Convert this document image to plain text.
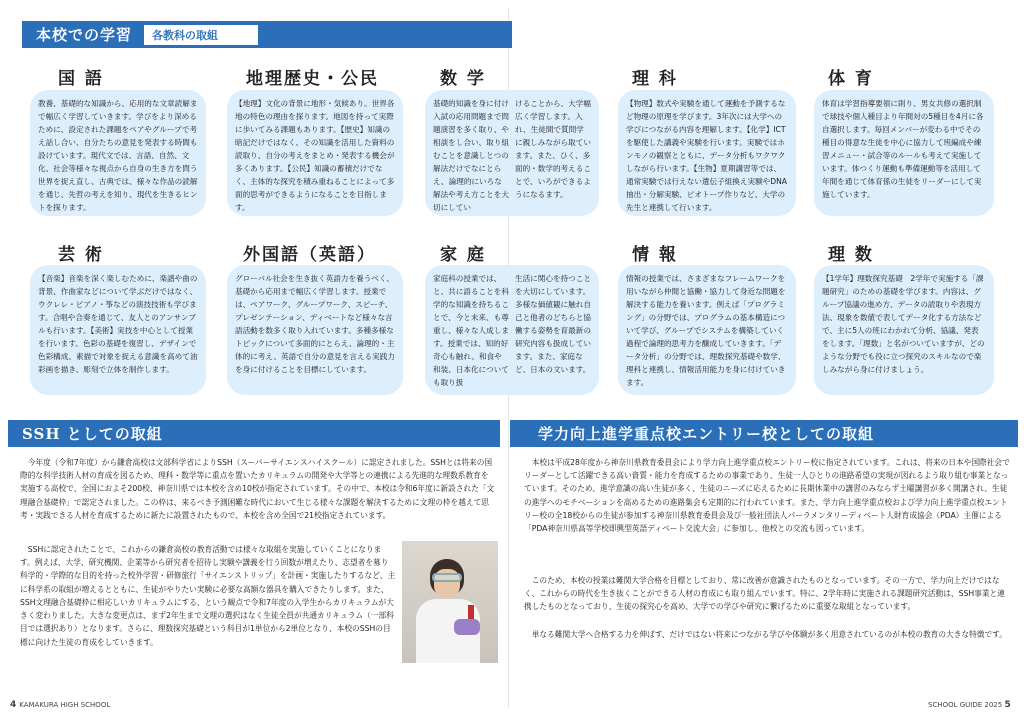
本校での学習	各教科の取組
国 語
教養、基礎的な知識から、応用的な文章読解まで幅広く学習していきます。学びをより深めるために、設定された課題をペアやグループで考え話し合い、自分たちの意見を発表する時間も設けています。現代文では、言語、自然、文化、社会等様々な視点から自身の生き方を問う世界を捉え直し、古典では、様々な作品の読解を通じ、先哲の考えを知り、現代を生きるヒントを探ります。
地理歴史・公民
【地理】文化の背景に地形・気候あり。世界各地の特色の理由を探ります。地図を持って実際に歩いてみる課題もあります。【歴史】知識の暗記だけではなく、その知識を活用した資料の読取り、自分の考えをまとめ・発表する機会が多くあります。【公民】知識の蓄積だけでなく、主体的な探究を積み重ねることによって多面的思考ができるようになることを目指します。
数 学
基礎的知識を身に付け入試の応用問題まで問題演習を多く取り、や相談をし合い、取り組むことを意識しとつの解法だけでなにとらえ、論理的にいろな解法や考え方ことを大切にしてい
けることから、大学幅広く学習します。入れ、生徒間で質問学に親しみながら取ています。また、ひく、多面的・数学的考えることで、いろができるようになるます。
理 科
【物理】数式や実験を通して運動を予測するなど物理の原理を学びます。3年次には大学への学びにつながる内容を理解します。【化学】ICTを駆使した講義や実験を行います。実験ではホンモノの観察とともに、データ分析もワクワクしながら行います。【生物】夏期講習等では、通常実験では行えない遺伝子組換え実験やDNA抽出・分解実験、ビオトープ作りなど、大学の先生と連携して行います。
体 育
体育は学習指導要領に則り、男女共修の選択制で球技や個人種目より年間対の5種目を4月に各自選択します。毎回メンバーが変わる中でその種目の得意な生徒を中心に協力して班編成や練習メニュー・試合等のルールも考えて実施しています。体つくり運動も準備運動等を活用して年間を通じて体育係の生徒をリーダーにして実施しています。
芸 術
【音楽】音楽を深く楽しむために、楽譜や曲の背景、作曲家などについて学ぶだけではなく、ウクレレ・ピアノ・筝などの演技技術も学びます。合唱や合奏を通じて、友人とのアンサンブルも行います。【美術】実技を中心として授業を行います。色彩の基礎を復習し、デザインで色彩構成、素描で対象を捉える意識を高めて油彩画を描き、彫刻で立体を制作します。
外国語（英語）
グローバル社会を生き抜く英語力を養うべく、基礎から応用まで幅広く学習します。授業では、ペアワーク、グループワーク、スピーチ、プレゼンテーション、ディベートなど様々な言語活動を数多く取り入れています。多種多様なトピックについて多面的にとらえ、論理的・主体的に考え、英語で自分の意見を言える実践力を身に付けることを目標にしています。
家 庭
家庭科の授業では、と、共に語ることを科学的な知識を持ちることで、今と未来、も尊重し、様々な人成します。授業では、知的好奇心も触れ、和食や和装、日本化についても取り扱
生活に関心を持つことを大切にしています。多様な価値観に触れ自己と他者のどちらと協働する姿勢を育最新の研究内容も扱成しています。また、家庭など、日本の文います。
情 報
情報の授業では、さまざまなフレームワークを用いながら仲間と協働・協力して身近な問題を解決する能力を養います。例えば「プログラミング」の分野では、プログラムの基本構造について学び、グループでシステムを構築していく過程で論理的思考力を醸成していきます。「データ分析」の分野では、理数探究基礎や数学、理科と連携し、情報活用能力を身に付けていきます。
理 数
【1学年】理数探究基礎　2学年で実施する「課題研究」のための基礎を学びます。内容は、グループ協議の進め方、データの読取りや表現方法、現象を数値で表してデータ化する方法などで、主に5人の班にわかれて分析、協議、発表をします。「理数」と名がついていますが、どのような分野でも役に立つ探究のスキルなので楽しみながら身に付けましょう。
SSH としての取組

今年度（令和7年度）から鎌倉高校は文部科学省によりSSH（スーパーサイエンスハイスクール）に認定されました。SSHとは将来の国際的な科学技術人材の育成を図るため、理科・数学等に重点を置いたカリキュラムの開発や大学等との連携による先進的な理数系教育を実施する高校で、全国におよそ200校、神奈川県では本校を含め10校が指定されています。その中で、本校は令和6年度に新設された「文理融合基礎枠」で認定されました。この枠は、来るべき予測困難な時代において生じる様々な課題を解決するために文理の枠を越えて思考・実践できる人材を育成するために新たに設置されたもので、本校を含め全国で21校指定されています。

SSHに認定されたことで、これからの鎌倉高校の教育活動では様々な取組を実施していくことになります。例えば、大学、研究機関、企業等から研究者を招待し実験や講義を行う回数が増えたり、志望者を募り科学的・学際的な目的を持った校外学習・研修旅行「サイエンストリップ」を計画・実施したりするなど、主に科学系の取組が増えるとともに、生徒がやりたい実験に必要な高額な器具を購入できたりします。また、SSH文理融合基礎枠に相応しいカリキュラムにする、という観点で令和7年度の入学生からカリキュラムが大きく変わりました。大きな変更点は、まず2年生まで文理の選択はなく生徒全員が共通カリキュラム（一部科目では選択あり）となります。さらに、理数探究基礎という科目が1単位から2単位となり、本校のSSHの目標に向けた生徒の育成をしていきます。

学力向上進学重点校エントリー校としての取組

本校は平成28年度から神奈川県教育委員会により学力向上進学重点校エントリー校に指定されています。これは、将来の日本や国際社会でリーダーとして活躍できる高い資質・能力を育成するための事業であり、生徒一人ひとりの進路希望の実現が図れるよう取り組む事業となっています。そのため、進学意識の高い生徒が多く、生徒のニーズに応えるために長期休業中の講習のみならず土曜講習が多く開講され、生徒の進学へのモチベーションを高めるための進路集会も定期的に行われています。また、学力向上進学重点校および学力向上進学重点校エントリー校の全18校からの生徒が参加する神奈川県教育委員会及び一般社団法人パーラメンタリーディベート人財育成協会（PDA）主催による「PDA神奈川県高等学校即興型英語ディベート交流大会」に参加し、他校との交流も図っています。

このため、本校の授業は難関大学合格を目標としており、常に改善が意識されたものとなっています。その一方で、学力向上だけではなく、これからの時代を生き抜くことができる人材の育成にも取り組んでいます。特に、2学年時に実施される課題研究活動は、SSH事業と連携したものとなっており、生徒の探究心を高め、大学での学びや研究に繋げるために重要な取組となっています。

単なる難関大学へ合格する力を伸ばす、だけではない将来につながる学びや体験が多く用意されているのが本校の教育の大きな特徴です。

4 KAMAKURA HIGH SCHOOL	SCHOOL GUIDE 2025 5
